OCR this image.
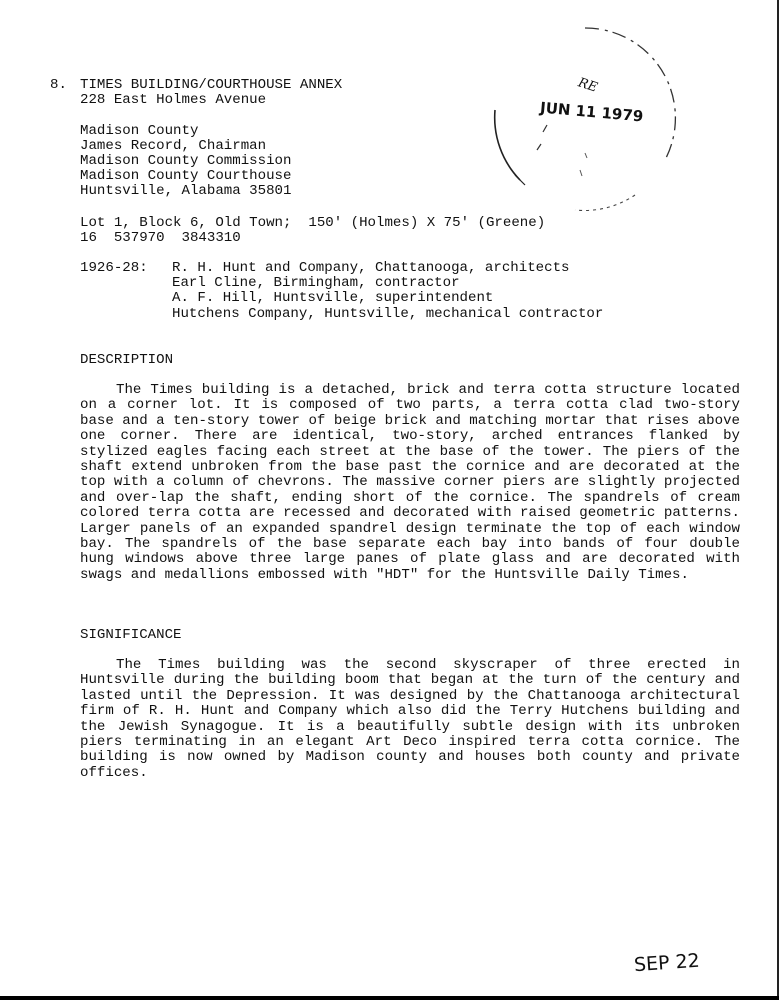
8. TIMES BUILDING/COURTHOUSE ANNEX
228 East Holmes Avenue
Madison County
James Record, Chairman
Madison County Commission
Madison County Courthouse
Huntsville, Alabama 35801
Lot 1, Block 6, Old Town;  150' (Holmes) X 75' (Greene)
16  537970  3843310
1926-28: R. H. Hunt and Company, Chattanooga, architects
Earl Cline, Birmingham, contractor
A. F. Hill, Huntsville, superintendent
Hutchens Company, Huntsville, mechanical contractor
DESCRIPTION
The Times building is a detached, brick and terra cotta structure located on a corner lot. It is composed of two parts, a terra cotta clad two-story base and a ten-story tower of beige brick and matching mortar that rises above one corner. There are identical, two-story, arched entrances flanked by stylized eagles facing each street at the base of the tower. The piers of the shaft extend unbroken from the base past the cornice and are decorated at the top with a column of chevrons. The massive corner piers are slightly projected and over-lap the shaft, ending short of the cornice. The spandrels of cream colored terra cotta are recessed and decorated with raised geometric patterns. Larger panels of an expanded spandrel design terminate the top of each window bay. The spandrels of the base separate each bay into bands of four double hung windows above three large panes of plate glass and are decorated with swags and medallions embossed with "HDT" for the Huntsville Daily Times.
SIGNIFICANCE
The Times building was the second skyscraper of three erected in Huntsville during the building boom that began at the turn of the century and lasted until the Depression. It was designed by the Chattanooga architectural firm of R. H. Hunt and Company which also did the Terry Hutchens building and the Jewish Synagogue. It is a beautifully subtle design with its unbroken piers terminating in an elegant Art Deco inspired terra cotta cornice. The building is now owned by Madison county and houses both county and private offices.
RE
JUN 11 1979
SEP 22
